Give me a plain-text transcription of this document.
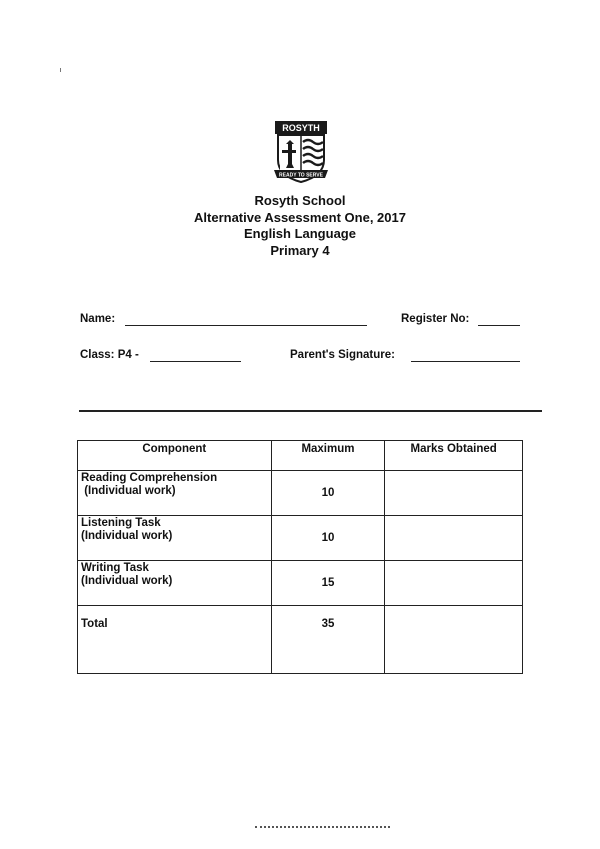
ROSYTH
READY TO SERVE
Rosyth School
Alternative Assessment One, 2017
English Language
Primary 4
Name:	Register No:
Class: P4 -	Parent's Signature:
Component	Maximum	Marks Obtained

Reading Comprehension
(Individual work)	10	

Listening Task
(Individual work)	10	

Writing Task
(Individual work)	15	

Total	35	
